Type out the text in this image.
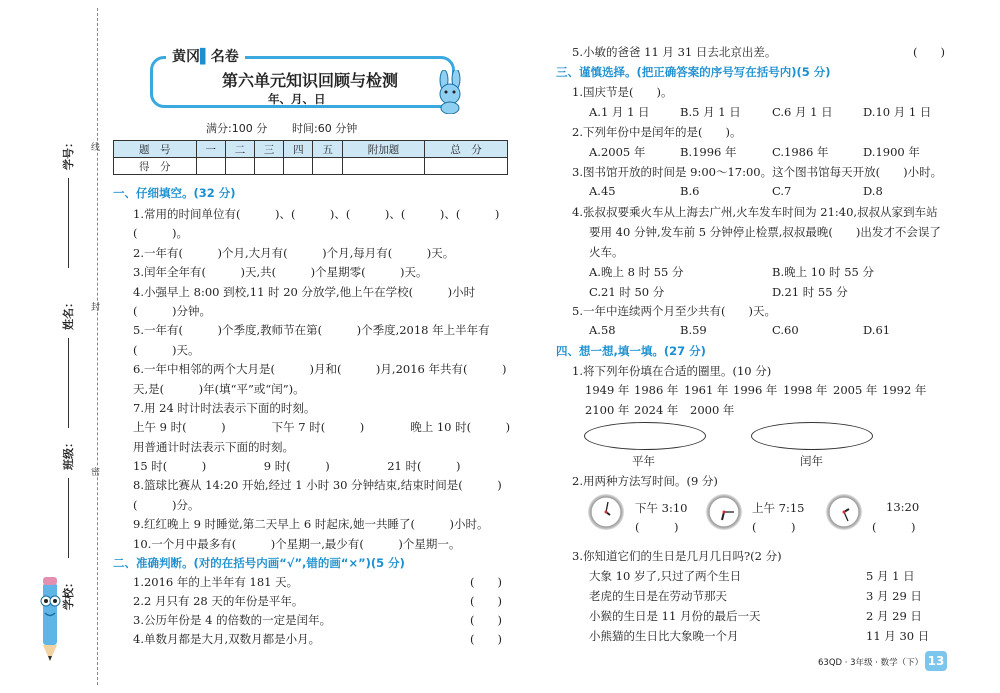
线
封
密
学号：
姓名：
班级：
学校：
黄冈▌名卷
第六单元知识回顾与检测
年、月、日
满分:100 分 时间:60 分钟
题　号	一	二	三	四	五	附加题	总　分
得　分							
一、仔细填空。(32 分)
1.常用的时间单位有(　　　)、(　　　)、(　　　)、(　　　)、(　　　)
(　　　)。
2.一年有(　　　)个月,大月有(　　　)个月,每月有(　　　)天。
3.闰年全年有(　　　)天,共(　　　)个星期零(　　　)天。
4.小强早上 8:00 到校,11 时 20 分放学,他上午在学校(　　　)小时
(　　　)分钟。
5.一年有(　　　)个季度,教师节在第(　　　)个季度,2018 年上半年有
(　　　)天。
6.一年中相邻的两个大月是(　　　)月和(　　　)月,2016 年共有(　　　)
天,是(　　　)年(填“平”或“闰”)。
7.用 24 时计时法表示下面的时刻。
上午 9 时(　　　)　　　　下午 7 时(　　　)　　　　晚上 10 时(　　　)
用普通计时法表示下面的时刻。
15 时(　　　)　　　　　9 时(　　　)　　　　　21 时(　　　)
8.篮球比赛从 14:20 开始,经过 1 小时 30 分钟结束,结束时间是(　　　)
(　　　)分。
9.红红晚上 9 时睡觉,第二天早上 6 时起床,她一共睡了(　　　)小时。
10.一个月中最多有(　　　)个星期一,最少有(　　　)个星期一。
二、准确判断。(对的在括号内画“√”,错的画“×”)(5 分)
1.2016 年的上半年有 181 天。	(　　)
2.2 月只有 28 天的年份是平年。	(　　)
3.公历年份是 4 的倍数的一定是闰年。	(　　)
4.单数月都是大月,双数月都是小月。	(　　)
5.小敏的爸爸 11 月 31 日去北京出差。	(　　)
三、谨慎选择。(把正确答案的序号写在括号内)(5 分)
1.国庆节是(　　)。
A.1 月 1 日	B.5 月 1 日	C.6 月 1 日	D.10 月 1 日
2.下列年份中是闰年的是(　　)。
A.2005 年	B.1996 年	C.1986 年	D.1900 年
3.图书馆开放的时间是 9:00～17:00。这个图书馆每天开放(　　)小时。
A.45	B.6	C.7	D.8
4.张叔叔要乘火车从上海去广州,火车发车时间为 21:40,叔叔从家到车站
要用 40 分钟,发车前 5 分钟停止检票,叔叔最晚(　　)出发才不会误了
火车。
A.晚上 8 时 55 分	B.晚上 10 时 55 分
C.21 时 50 分	D.21 时 55 分
5.一年中连续两个月至少共有(　　)天。
A.58	B.59	C.60	D.61
四、想一想,填一填。(27 分)
1.将下列年份填在合适的圈里。(10 分)
1949 年 1986 年 1961 年 1996 年 1998 年 2005 年 1992 年
2100 年 2024 年 2000 年
平年	闰年
2.用两种方法写时间。(9 分)
下午 3:10
(　　　)
上午 7:15
(　　　)
13:20
(　　　)
3.你知道它们的生日是几月几日吗?(2 分)
大象 10 岁了,只过了两个生日	5 月 1 日
老虎的生日是在劳动节那天	3 月 29 日
小猴的生日是 11 月份的最后一天	2 月 29 日
小熊猫的生日比大象晚一个月	11 月 30 日
63QD · 3年级 · 数学（下） 13
